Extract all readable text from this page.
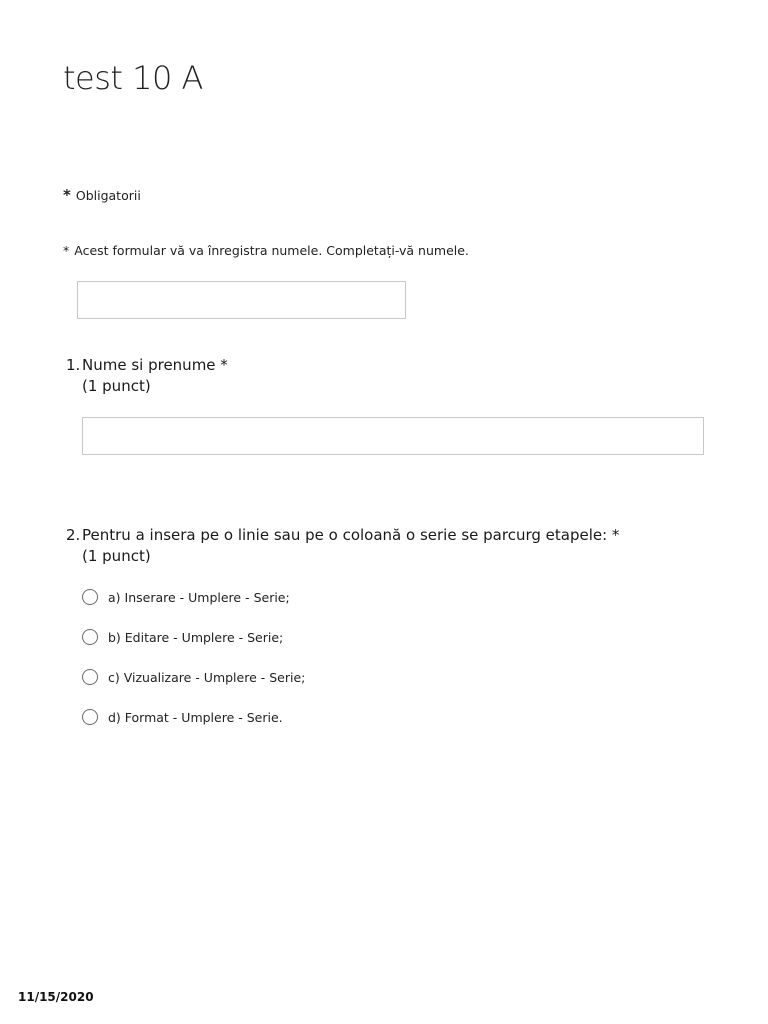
test 10 A
* Obligatorii
* Acest formular vă va înregistra numele. Completați-vă numele.
1. Nume si prenume *
(1 punct)
2. Pentru a insera pe o linie sau pe o coloană o serie se parcurg etapele: *
(1 punct)
a) Inserare - Umplere - Serie;
b) Editare - Umplere - Serie;
c) Vizualizare - Umplere - Serie;
d) Format - Umplere - Serie.
11/15/2020
